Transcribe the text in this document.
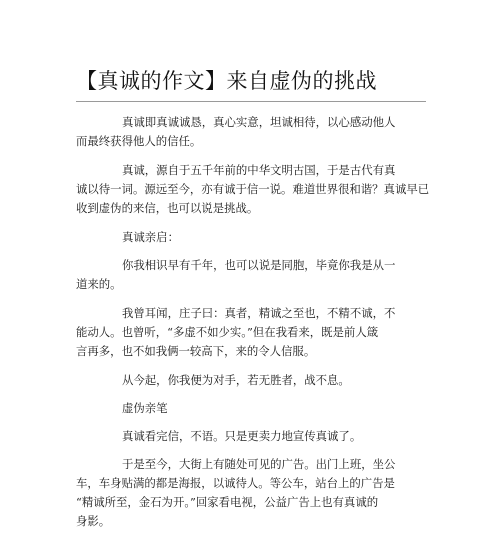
【真诚的作文】来自虚伪的挑战

真诚即真诚诚恳，真心实意，坦诚相待，以心感动他人
而最终获得他人的信任。

真诚，源自于五千年前的中华文明古国，于是古代有真
诚以待一词。源远至今，亦有诚于信一说。难道世界很和谐？真诚早已
收到虚伪的来信，也可以说是挑战。

真诚亲启：

你我相识早有千年，也可以说是同胞，毕竟你我是从一
道来的。

我曾耳闻，庄子曰：真者，精诚之至也，不精不诚，不
能动人。也曾听，“多虚不如少实。”但在我看来，既是前人箴
言再多，也不如我俩一较高下，来的令人信服。

从今起，你我便为对手，若无胜者，战不息。

虚伪亲笔

真诚看完信，不语。只是更卖力地宣传真诚了。

于是至今，大街上有随处可见的广告。出门上班，坐公
车，车身贴满的都是海报，以诚待人。等公车，站台上的广告是
“精诚所至，金石为开。”回家看电视，公益广告上也有真诚的
身影。
